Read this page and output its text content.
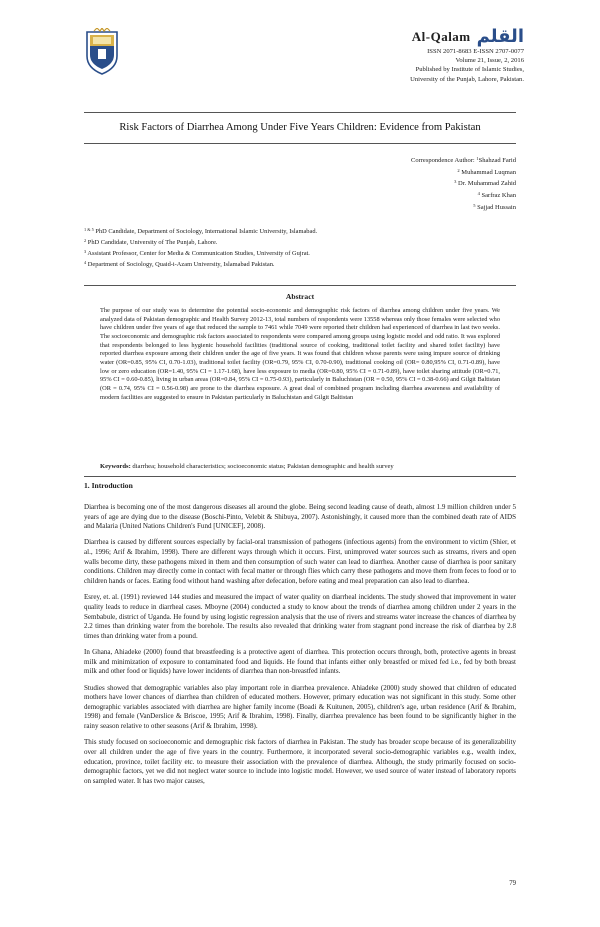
Al-Qalam القلم
ISSN 2071-8683 E-ISSN 2707-0077
Volume 21, Issue, 2, 2016
Published by Institute of Islamic Studies,
University of the Punjab, Lahore, Pakistan.
Risk Factors of Diarrhea Among Under Five Years Children: Evidence from Pakistan
Correspondence Author: $^1$Shahzad Farid
$^2$ Muhammad Luqman
$^3$ Dr. Muhammad Zahid
$^4$ Sarfraz Khan
$^5$ Sajjad Hussain
$^{1 \& 5}$ PhD Candidate, Department of Sociology, International Islamic University, Islamabad.
$^2$ PhD Candidate, University of The Punjab, Lahore.
$^3$ Assistant Professor, Center for Media & Communication Studies, University of Gujrat.
$^4$ Department of Sociology, Quaid-i-Azam University, Islamabad Pakistan.
Abstract
The purpose of our study was to determine the potential socio-economic and demographic risk factors of diarrhea among children under five years. We analyzed data of Pakistan demographic and Health Survey 2012-13, total numbers of respondents were 13558 whereas only those females were selected who have children under five years of age that reduced the sample to 7461 while 7049 were reported their children had experienced of diarrhea in last two weeks. The socioeconomic and demographic risk factors associated to respondents were compared among groups using logistic model and odd ratio. It was explored that respondents belonged to less hygienic household facilities (traditional source of cooking, traditional toilet facility and shared toilet facility) have reported diarrhea exposure among their children under the age of five years. It was found that children whose parents were using impure source of drinking water (OR=0.85, 95% CI, 0.70-1.03), traditional toilet facility (OR=0.79, 95% CI, 0.70-0.90), traditional cooking oil (OR= 0.80,95% CI, 0.71-0.89), have low or zero education (OR=1.40, 95% CI = 1.17-1.68), have less exposure to media (OR=0.80, 95% CI = 0.71-0.89), have toilet sharing attitude (OR=0.71, 95% CI = 0.60-0.85), living in urban areas (OR=0.84, 95% CI = 0.75-0.93), particularly in Baluchistan (OR = 0.50, 95% CI = 0.38-0.66) and Gilgit Baltistan (OR = 0.74, 95% CI = 0.56-0.98) are prone to the diarrhea exposure. A great deal of combined program including diarrhea awareness and availability of modern facilities are suggested to ensure in Pakistan particularly in Baluchistan and Gilgit Baltistan
Keywords: diarrhea; household characteristics; socioeconomic status; Pakistan demographic and health survey
1. Introduction

Diarrhea is becoming one of the most dangerous diseases all around the globe. Being second leading cause of death, almost 1.9 million children under 5 years of age are dying due to the disease (Boschi-Pinto, Velebit & Shibuya, 2007). Astonishingly, it caused more than the combined death rate of AIDS and Malaria (United Nations Children's Fund [UNICEF], 2008).

Diarrhea is caused by different sources especially by facial-oral transmission of pathogens (infectious agents) from the environment to victim (Shier, et al., 1996; Arif & Ibrahim, 1998). There are different ways through which it occurs. First, unimproved water sources such as streams, rivers and open walls become dirty, these pathogens mixed in them and then consumption of such water can lead to diarrhea. Another cause of diarrhea is poor sanitary conditions. Children may directly come in contact with fecal matter or through flies which carry these pathogens and move them from feces to food or to children hands or faces. Eating food without hand washing after defecation, before eating and meal preparation can also lead to diarrhea.

Esrey, et. al. (1991) reviewed 144 studies and measured the impact of water quality on diarrheal incidents. The study showed that improvement in water quality leads to reduce in diarrheal cases. Mboyne (2004) conducted a study to know about the trends of diarrhea among children under 2 years in the Sembabule, district of Uganda. He found by using logistic regression analysis that the use of rivers and streams water increase the chances of diarrhea by 2.2 times than drinking water from the borehole. The results also revealed that drinking water from stagnant pond increase the risk of diarrhea by 2.8 times than drinking water from a pound.

In Ghana, Ahiadeke (2000) found that breastfeeding is a protective agent of diarrhea. This protection occurs through, both, protective agents in breast milk and minimization of exposure to contaminated food and liquids. He found that infants either only breastfed or mixed fed i.e., fed by both breast milk and other food or liquids) have lower incidents of diarrhea than non-breastfed infants.

Studies showed that demographic variables also play important role in diarrhea prevalence. Ahiadeke (2000) study showed that children of educated mothers have lower chances of diarrhea than children of educated mothers. However, primary education was not significant in this study. Some other demographic variables associated with diarrhea are higher family income (Boadi & Kuitunen, 2005), children's age, urban residence (Arif & Ibrahim, 1998) and female (VanDerslice & Briscoe, 1995; Arif & Ibrahim, 1998). Finally, diarrhea prevalence has been found to be significantly higher in the rainy season relative to other seasons (Arif & Ibrahim, 1998).

This study focused on socioeconomic and demographic risk factors of diarrhea in Pakistan. The study has broader scope because of its generalizability over all children under the age of five years in the country. Furthermore, it incorporated several socio-demographic variables e.g., wealth index, education, province, toilet facility etc. to measure their association with the prevalence of diarrhea. Although, the study primarily focused on socio-demographic factors, yet we did not neglect water source to include into logistic model. However, we used source of water instead of laboratory reports on sampled water. It has two major causes,

79
